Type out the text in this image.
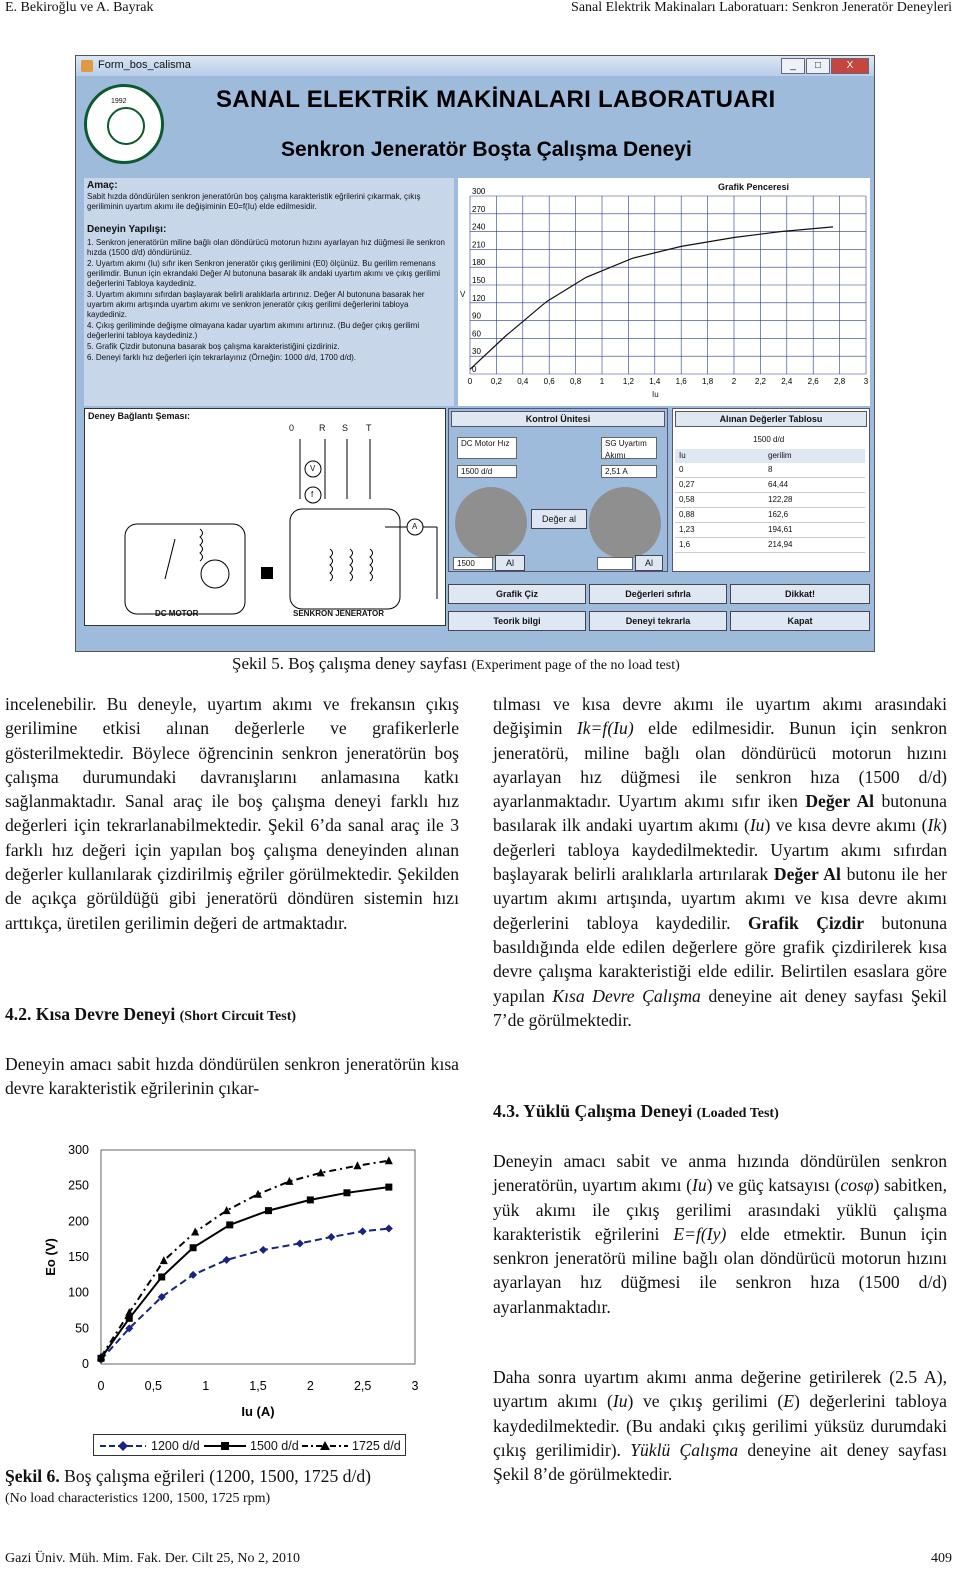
E. Bekiroğlu ve A. Bayrak	Sanal Elektrik Makinaları Laboratuarı: Senkron Jeneratör Deneyleri
Form_bos_calisma	_	□	X
1992	SANAL ELEKTRİK MAKİNALARI LABORATUARI
Senkron Jeneratör Boşta Çalışma Deneyi
Amaç:
Sabit hızda döndürülen senkron jeneratörün boş çalışma karakteristik eğrilerini çıkarmak, çıkış geriliminin uyartım akımı ile değişiminin E0=f(Iu) elde edilmesidir.
Deneyin Yapılışı:
1. Senkron jeneratörün miline bağlı olan döndürücü motorun hızını ayarlayan hız düğmesi ile senkron hızda (1500 d/d) döndürünüz.
2. Uyartım akımı (Iu) sıfır iken Senkron jeneratör çıkış gerilimini (E0) ölçünüz. Bu gerilim remenans gerilimdir. Bunun için ekrandaki Değer Al butonuna basarak ilk andaki uyartım akımı ve çıkış gerilimi değerlerini Tabloya kaydediniz.
3. Uyartım akımını sıfırdan başlayarak belirli aralıklarla artırınız. Değer Al butonuna basarak her uyartım akımı artışında uyartım akımı ve senkron jeneratör çıkış gerilimi değerlerini tabloya kaydediniz.
4. Çıkış geriliminde değişme olmayana kadar uyartım akımını artırınız. (Bu değer çıkış gerilimi değerlerini tabloya kaydediniz.)
5. Grafik Çizdir butonuna basarak boş çalışma karakteristiğini çizdiriniz.
6. Deneyi farklı hız değerleri için tekrarlayınız (Örneğin: 1000 d/d, 1700 d/d).
Deney Bağlantı Şeması:
0	R S T
V
f
A
DC MOTOR	SENKRON JENERATÖR
Grafik Penceresi
0 0,2 0,4 0,6 0,8 1 1,2 1,4 1,6 1,8 2 2,2 2,4 2,6 2,8 3
0
30
60
90
120
150
180
210
240
270
300
V
Iu
Kontrol Ünitesi
DC Motor Hız
1500 d/d
SG Uyartım Akımı
2,51 A
Değer al
1500	Al	Al
Alınan Değerler Tablosu
1500 d/d
Iu	gerilim
0	8
0,27	64,44
0,58	122,28
0,88	162,6
1,23	194,61
1,6	214,94
Grafik Çiz	Değerleri sıfırla	Dikkat!
Teorik bilgi	Deneyi tekrarla	Kapat
Şekil 5. Boş çalışma deney sayfası (Experiment page of the no load test)

incelenebilir. Bu deneyle, uyartım akımı ve frekansın çıkış gerilimine etkisi alınan değerlerle ve grafikerlerle gösterilmektedir. Böylece öğrencinin senkron jeneratörün boş çalışma durumundaki davranışlarını anlamasına katkı sağlanmaktadır. Sanal araç ile boş çalışma deneyi farklı hız değerleri için tekrarlanabilmektedir. Şekil 6’da sanal araç ile 3 farklı hız değeri için yapılan boş çalışma deneyinden alınan değerler kullanılarak çizdirilmiş eğriler görülmektedir. Şekilden de açıkça görüldüğü gibi jeneratörü döndüren sistemin hızı arttıkça, üretilen gerilimin değeri de artmaktadır.

4.2. Kısa Devre Deneyi (Short Circuit Test)

Deneyin amacı sabit hızda döndürülen senkron jeneratörün kısa devre karakteristik eğrilerinin çıkar-

0
50
100
150
200
250
300
0	0,5	1	1,5	2	2,5	3
Iu (A)
Eo (V)
1200 d/d	1500 d/d	1725 d/d
Şekil 6. Boş çalışma eğrileri (1200, 1500, 1725 d/d)
(No load characteristics 1200, 1500, 1725 rpm)

tılması ve kısa devre akımı ile uyartım akımı arasındaki değişimin Ik=f(Iu) elde edilmesidir. Bunun için senkron jeneratörü, miline bağlı olan döndürücü motorun hızını ayarlayan hız düğmesi ile senkron hıza (1500 d/d) ayarlanmaktadır. Uyartım akımı sıfır iken Değer Al butonuna basılarak ilk andaki uyartım akımı (Iu) ve kısa devre akımı (Ik) değerleri tabloya kaydedilmektedir. Uyartım akımı sıfırdan başlayarak belirli aralıklarla artırılarak Değer Al butonu ile her uyartım akımı artışında, uyartım akımı ve kısa devre akımı değerlerini tabloya kaydedilir. Grafik Çizdir butonuna basıldığında elde edilen değerlere göre grafik çizdirilerek kısa devre çalışma karakteristiği elde edilir. Belirtilen esaslara göre yapılan Kısa Devre Çalışma deneyine ait deney sayfası Şekil 7’de görülmektedir.

4.3. Yüklü Çalışma Deneyi (Loaded Test)

Deneyin amacı sabit ve anma hızında döndürülen senkron jeneratörün, uyartım akımı (Iu) ve güç katsayısı (cosφ) sabitken, yük akımı ile çıkış gerilimi arasındaki yüklü çalışma karakteristik eğrilerini E=f(Iy) elde etmektir. Bunun için senkron jeneratörü miline bağlı olan döndürücü motorun hızını ayarlayan hız düğmesi ile senkron hıza (1500 d/d) ayarlanmaktadır.

Daha sonra uyartım akımı anma değerine getirilerek (2.5 A), uyartım akımı (Iu) ve çıkış gerilimi (E) değerlerini tabloya kaydedilmektedir. (Bu andaki çıkış gerilimi yüksüz durumdaki çıkış gerilimidir). Yüklü Çalışma deneyine ait deney sayfası Şekil 8’de görülmektedir.

Gazi Üniv. Müh. Mim. Fak. Der. Cilt 25, No 2, 2010	409
